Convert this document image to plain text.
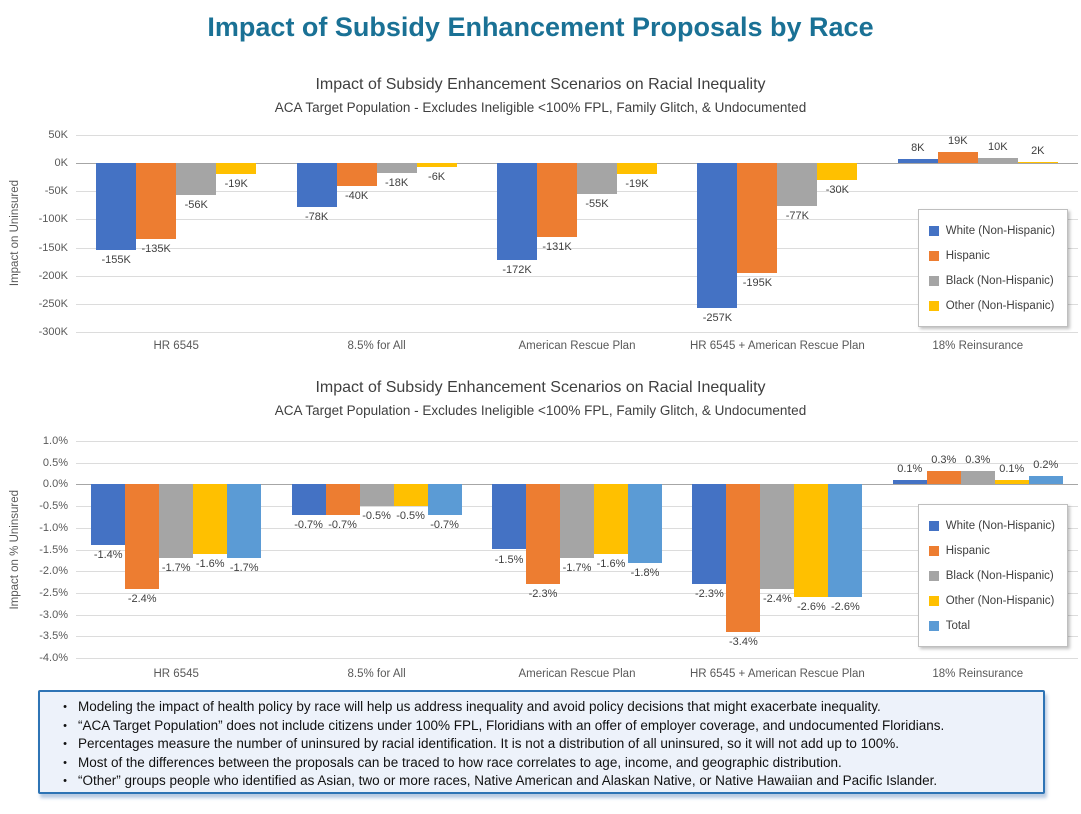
Impact of Subsidy Enhancement Proposals by Race
Impact of Subsidy Enhancement Scenarios on Racial Inequality
ACA Target Population - Excludes Ineligible <100% FPL, Family Glitch, & Undocumented
Impact on Uninsured
50K
0K
-50K
-100K
-150K
-200K
-250K
-300K
-155K
-78K
-172K
-257K
8K
-135K
-40K
-131K
-195K
19K
-56K
-18K
-55K
-77K
10K
-19K
-6K
-19K
-30K
2K
White (Non-Hispanic)
Hispanic
Black (Non-Hispanic)
Other (Non-Hispanic)
HR 6545	8.5% for All	American Rescue Plan	HR 6545 + American Rescue Plan	18% Reinsurance
Impact of Subsidy Enhancement Scenarios on Racial Inequality
ACA Target Population - Excludes Ineligible <100% FPL, Family Glitch, & Undocumented
Impact on % Uninsured
1.0%
0.5%
0.0%
-0.5%
-1.0%
-1.5%
-2.0%
-2.5%
-3.0%
-3.5%
-4.0%
-1.4%
-0.7%
-1.5%
-2.3%
0.1%
-2.4%
-0.7%
-2.3%
-3.4%
0.3%
-1.7%
-0.5%
-1.7%
-2.4%
0.3%
-1.6%
-0.5%
-1.6%
-2.6%
0.1%
-1.7%
-0.7%
-1.8%
-2.6%
0.2%
White (Non-Hispanic)
Hispanic
Black (Non-Hispanic)
Other (Non-Hispanic)
Total
HR 6545	8.5% for All	American Rescue Plan	HR 6545 + American Rescue Plan	18% Reinsurance
• Modeling the impact of health policy by race will help us address inequality and avoid policy decisions that might exacerbate inequality.
• “ACA Target Population” does not include citizens under 100% FPL, Floridians with an offer of employer coverage, and undocumented Floridians.
• Percentages measure the number of uninsured by racial identification. It is not a distribution of all uninsured, so it will not add up to 100%.
• Most of the differences between the proposals can be traced to how race correlates to age, income, and geographic distribution.
• “Other” groups people who identified as Asian, two or more races, Native American and Alaskan Native, or Native Hawaiian and Pacific Islander.
